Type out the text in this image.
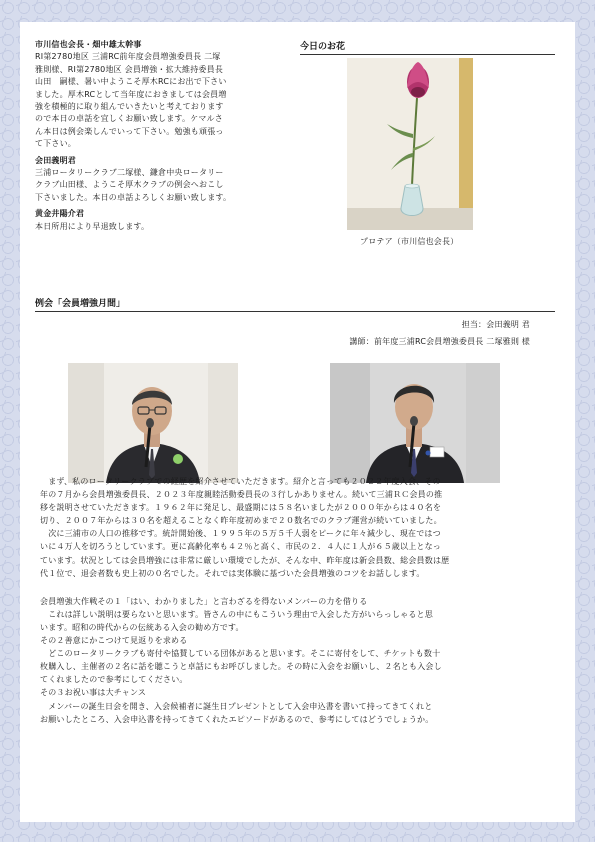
市川信也会長・畑中雄太幹事

RI第2780地区 三浦RC前年度会員増強委員長 二塚

雅則様、RI第2780地区 会員増強・拡大維持委員長

山田　嗣様、暑い中ようこそ厚木RCにお出で下さい

ました。厚木RCとして当年度におきましては会員増

強を積極的に取り組んでいきたいと考えております

ので本日の卓話を宜しくお願い致します。ケマルさ

ん本日は例会楽しんでいって下さい。勉強も頑張っ

て下さい。

会田義明君

三浦ロータリークラブ二塚様、鎌倉中央ロータリー

クラブ山田様、ようこそ厚木クラブの例会へおこし

下さいました。本日の卓話よろしくお願い致します。

黄金井陽介君

本日所用により早退致します。

今日のお花
プロテア（市川信也会長）
例会「会員増強月間」
担当：会田義明 君
講師：前年度三浦RC会員増強委員長 二塚雅則 様

　まず、私のロータリークラブでの経歴を紹介させていただきます。紹介と言っても２０２２年度入会、その

年の７月から会員増強委員長、２０２３年度親睦活動委員長の３行しかありません。続いて三浦ＲＣ会員の推

移を説明させていただきます。１９６２年に発足し、最盛期には５８名いましたが２０００年からは４０名を

切り、２００７年からは３０名を超えることなく昨年度初めまで２０数名でのクラブ運営が続いていました。

　次に三浦市の人口の推移です。統計開始後、１９９５年の５万５千人弱をピークに年々減少し、現在ではつ

いに４万人を切ろうとしています。更に高齢化率も４２％と高く、市民の２．４人に１人が６５歳以上となっ

ています。状況としては会員増強には非常に厳しい環境でしたが、そんな中、昨年度は新会員数、総会員数は歴

代１位で、退会者数も史上初の０名でした。それでは実体験に基づいた会員増強のコツをお話しします。

会員増強大作戦その１「はい、わかりました」と言わざるを得ないメンバーの力を借りる

　これは詳しい説明は要らないと思います。皆さんの中にもこういう理由で入会した方がいらっしゃると思

います。昭和の時代からの伝統ある入会の勧め方です。

その２善意にかこつけて見返りを求める

　どこのロータリークラブも寄付や協賛している団体があると思います。そこに寄付をして、チケットも数十

枚購入し、主催者の２名に話を聴こうと卓話にもお呼びしました。その時に入会をお願いし、２名とも入会し

てくれましたので参考にしてください。

その３お祝い事は大チャンス

　メンバーの誕生日会を開き、入会候補者に誕生日プレゼントとして入会申込書を書いて持ってきてくれと

お願いしたところ、入会申込書を持ってきてくれたエピソードがあるので、参考にしてはどうでしょうか。
